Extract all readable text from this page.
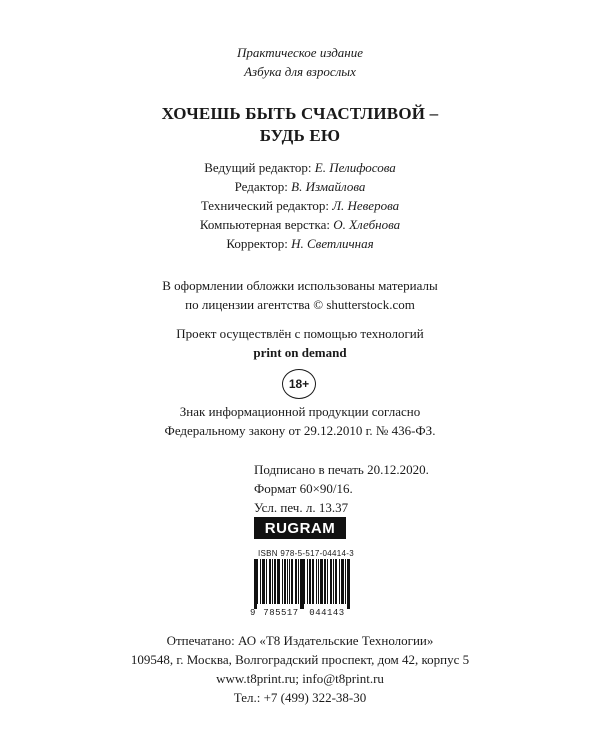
Практическое издание
Азбука для взрослых
ХОЧЕШЬ БЫТЬ СЧАСТЛИВОЙ –
БУДЬ ЕЮ
Ведущий редактор: Е. Пелифосова
Редактор: В. Измайлова
Технический редактор: Л. Неверова
Компьютерная верстка: О. Хлебнова
Корректор: Н. Светличная
В оформлении обложки использованы материалы
по лицензии агентства © shutterstock.com
Проект осуществлён с помощью технологий
print on demand
18+
Знак информационной продукции согласно
Федеральному закону от 29.12.2010 г. № 436-ФЗ.
Подписано в печать 20.12.2020.
Формат 60×90/16.
Усл. печ. л. 13.37
RUGRAM
ISBN 978-5-517-04414-3
9 785517	044143
Отпечатано: АО «Т8 Издательские Технологии»
109548, г. Москва, Волгоградский проспект, дом 42, корпус 5
www.t8print.ru; info@t8print.ru
Тел.: +7 (499) 322-38-30
